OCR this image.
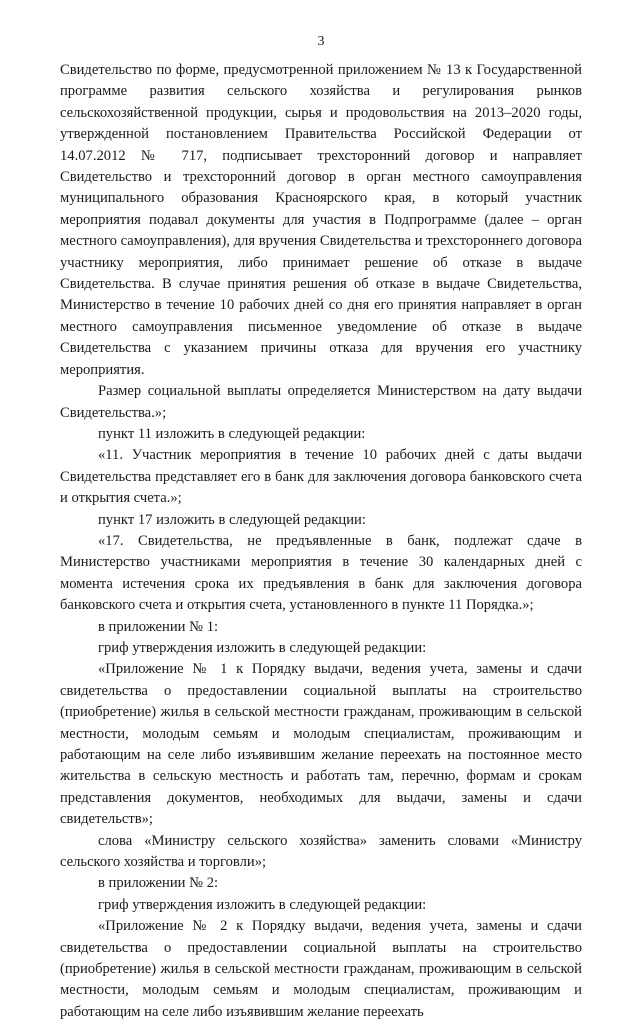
3

Свидетельство по форме, предусмотренной приложением № 13 к Государственной программе развития сельского хозяйства и регулирования рынков сельскохозяйственной продукции, сырья и продовольствия на 2013–2020 годы, утвержденной постановлением Правительства Российской Федерации от 14.07.2012 № 717, подписывает трехсторонний договор и направляет Свидетельство и трехсторонний договор в орган местного самоуправления муниципального образования Красноярского края, в который участник мероприятия подавал документы для участия в Подпрограмме (далее – орган местного самоуправления), для вручения Свидетельства и трехстороннего договора участнику мероприятия, либо принимает решение об отказе в выдаче Свидетельства. В случае принятия решения об отказе в выдаче Свидетельства, Министерство в течение 10 рабочих дней со дня его принятия направляет в орган местного самоуправления письменное уведомление об отказе в выдаче Свидетельства с указанием причины отказа для вручения его участнику мероприятия.

Размер социальной выплаты определяется Министерством на дату выдачи Свидетельства.»;

пункт 11 изложить в следующей редакции:

«11. Участник мероприятия в течение 10 рабочих дней с даты выдачи Свидетельства представляет его в банк для заключения договора банковского счета и открытия счета.»;

пункт 17 изложить в следующей редакции:

«17. Свидетельства, не предъявленные в банк, подлежат сдаче в Министерство участниками мероприятия в течение 30 календарных дней с момента истечения срока их предъявления в банк для заключения договора банковского счета и открытия счета, установленного в пункте 11 Порядка.»;

в приложении № 1:

гриф утверждения изложить в следующей редакции:

«Приложение № 1 к Порядку выдачи, ведения учета, замены и сдачи свидетельства о предоставлении социальной выплаты на строительство (приобретение) жилья в сельской местности гражданам, проживающим в сельской местности, молодым семьям и молодым специалистам, проживающим и работающим на селе либо изъявившим желание переехать на постоянное место жительства в сельскую местность и работать там, перечню, формам и срокам представления документов, необходимых для выдачи, замены и сдачи свидетельств»;

слова «Министру сельского хозяйства» заменить словами «Министру сельского хозяйства и торговли»;

в приложении № 2:

гриф утверждения изложить в следующей редакции:

«Приложение № 2 к Порядку выдачи, ведения учета, замены и сдачи свидетельства о предоставлении социальной выплаты на строительство (приобретение) жилья в сельской местности гражданам, проживающим в сельской местности, молодым семьям и молодым специалистам, проживающим и работающим на селе либо изъявившим желание переехать
